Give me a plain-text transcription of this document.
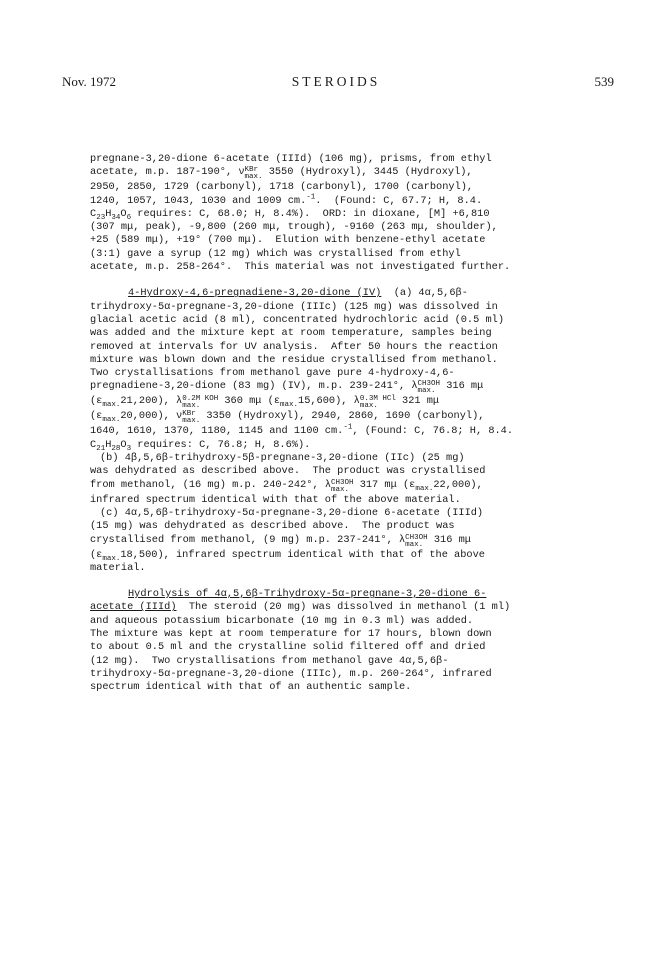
Nov. 1972	STEROIDS	539
pregnane-3,20-dione 6-acetate (IIId) (106 mg), prisms, from ethyl
acetate, m.p. 187-190°, ν KBr
max. 3550 (Hydroxyl), 3445 (Hydroxyl),
2950, 2850, 1729 (carbonyl), 1718 (carbonyl), 1700 (carbonyl),
1240, 1057, 1043, 1030 and 1009 cm.$^{-1}$.  (Found: C, 67.7; H, 8.4.
$C_{23}H_{34}O_6$ requires: C, 68.0; H, 8.4%).  ORD: in dioxane, [M] +6,810
(307 mμ, peak), -9,800 (260 mμ, trough), -9160 (263 mμ, shoulder),
+25 (589 mμ), +19° (700 mμ).  Elution with benzene-ethyl acetate
(3:1) gave a syrup (12 mg) which was crystallised from ethyl
acetate, m.p. 258-264°.  This material was not investigated further.
4-Hydroxy-4,6-pregnadiene-3,20-dione (IV)  (a) 4α,5,6β-
trihydroxy-5α-pregnane-3,20-dione (IIIc) (125 mg) was dissolved in
glacial acetic acid (8 ml), concentrated hydrochloric acid (0.5 ml)
was added and the mixture kept at room temperature, samples being
removed at intervals for UV analysis.  After 50 hours the reaction
mixture was blown down and the residue crystallised from methanol.
Two crystallisations from methanol gave pure 4-hydroxy-4,6-
pregnadiene-3,20-dione (83 mg) (IV), m.p. 239-241°, λ CH3OH
max. 316 mμ
$(\varepsilon_{max.}21,200)$, λ 0.2M KOH
max.	360 mμ $(\varepsilon_{max.}15,600)$, λ 0.3M HCl
max.	321 mμ
$(\varepsilon_{max.}20,000)$, ν KBr
max. 3350 (Hydroxyl), 2940, 2860, 1690 (carbonyl),
1640, 1610, 1370, 1180, 1145 and 1100 cm.$^{-1}$, (Found: C, 76.8; H, 8.4.
$C_{21}H_{28}O_3$ requires: C, 76.8; H, 8.6%).
(b) 4β,5,6β-trihydroxy-5β-pregnane-3,20-dione (IIc) (25 mg)
was dehydrated as described above.  The product was crystallised
from methanol, (16 mg) m.p. 240-242°, λ CH3OH
max. 317 mμ $(\varepsilon_{max.}22,000)$,
infrared spectrum identical with that of the above material.
(c) 4α,5,6β-trihydroxy-5α-pregnane-3,20-dione 6-acetate (IIId)
(15 mg) was dehydrated as described above.  The product was
crystallised from methanol, (9 mg) m.p. 237-241°, λ CH3OH
max. 316 mμ
$(\varepsilon_{max.}18,500)$, infrared spectrum identical with that of the above
material.
Hydrolysis of 4α,5,6β-Trihydroxy-5α-pregnane-3,20-dione 6-
acetate (IIId)  The steroid (20 mg) was dissolved in methanol (1 ml)
and aqueous potassium bicarbonate (10 mg in 0.3 ml) was added.
The mixture was kept at room temperature for 17 hours, blown down
to about 0.5 ml and the crystalline solid filtered off and dried
(12 mg).  Two crystallisations from methanol gave 4α,5,6β-
trihydroxy-5α-pregnane-3,20-dione (IIIc), m.p. 260-264°, infrared
spectrum identical with that of an authentic sample.
